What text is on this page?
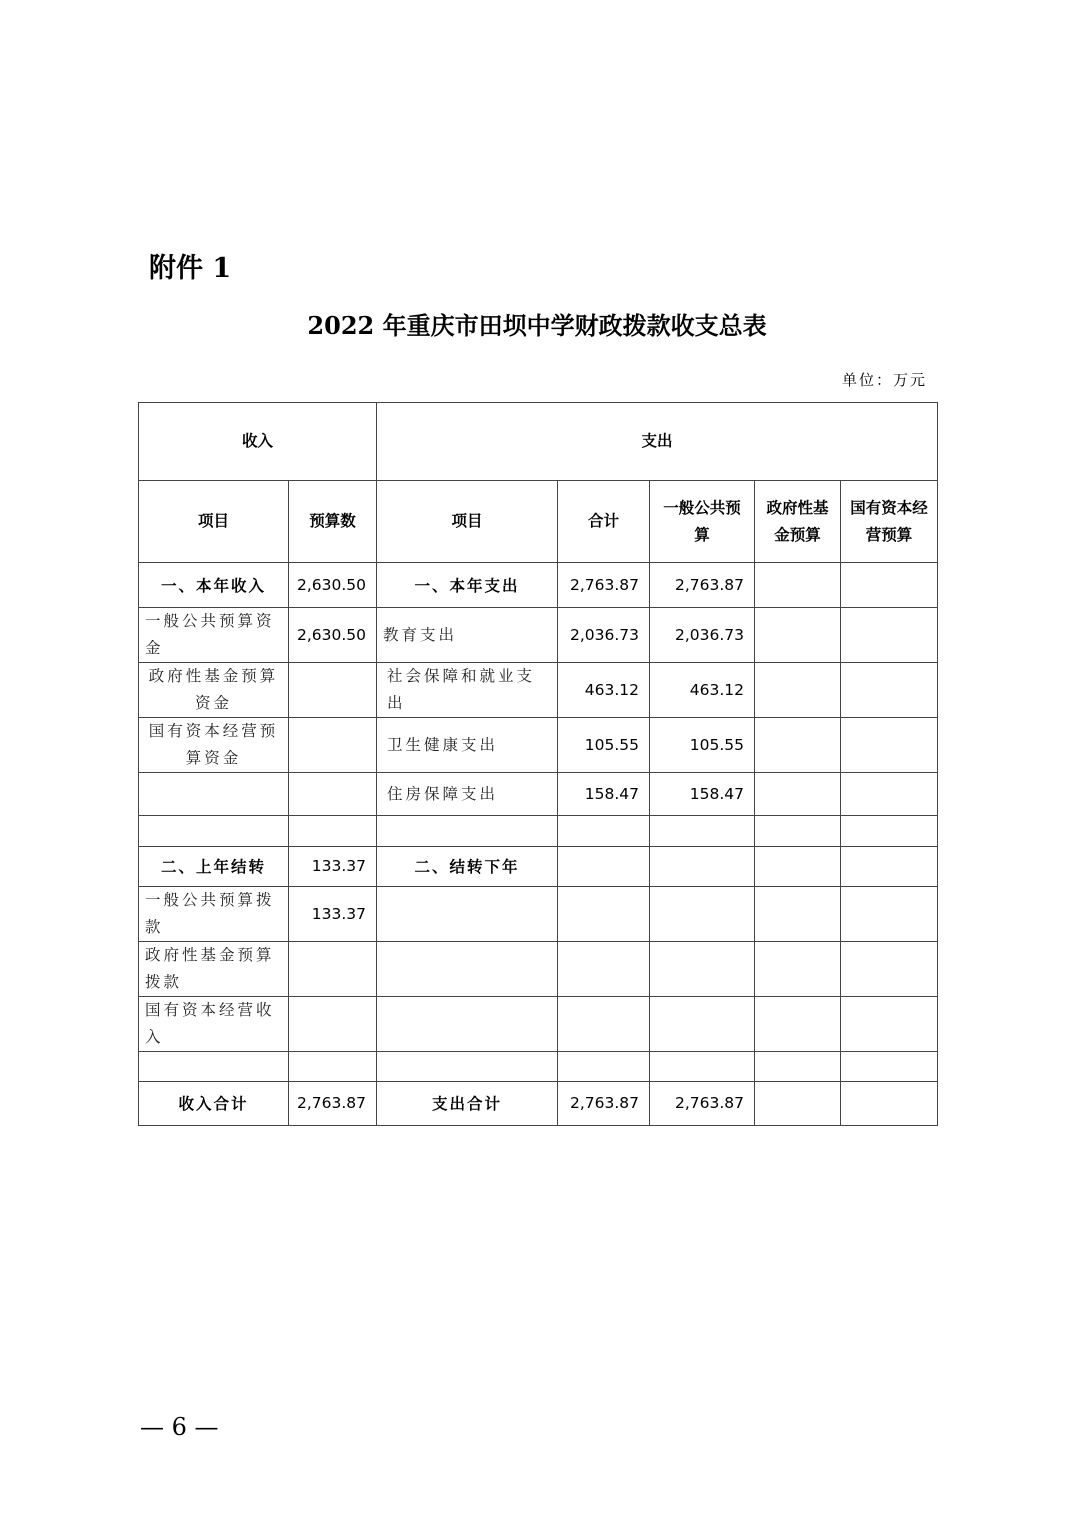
附件 1
2022 年重庆市田坝中学财政拨款收支总表
单位：万元
收入		支出				
项目	预算数	项目	合计	一般公共预算	政府性基金预算	国有资本经营预算
一、本年收入	2,630.50	一、本年支出	2,763.87	2,763.87		
一般公共预算资金	2,630.50	教育支出	2,036.73	2,036.73		
政府性基金预算资金		社会保障和就业支出	463.12	463.12		
国有资本经营预算资金		卫生健康支出	105.55	105.55		
		住房保障支出	158.47	158.47		

二、上年结转	133.37	二、结转下年				
一般公共预算拨款	133.37					
政府性基金预算拨款						
国有资本经营收入						

收入合计	2,763.87	支出合计	2,763.87	2,763.87		
— 6 —
